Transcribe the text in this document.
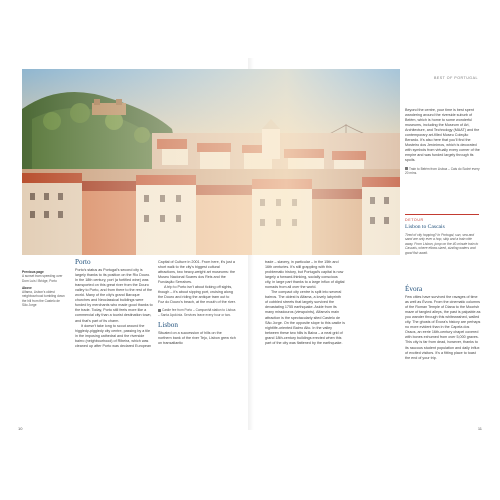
BEST OF PORTUGAL
Previous page
A sunset tram speeding over Dom Luís I Bridge, Porto
Above
Alfama, Lisbon's oldest neighbourhood tumbling down the hill from the Castelo de São Jorge
Porto

Porto's status as Portugal's second city is largely thanks to its position on the Rio Douro. In the 18th century, port (a fortified wine) was transported on this great river from the Douro valley to Porto, and from there to the rest of the world. Many of the city's grand Baroque churches and Neoclassical buildings were funded by merchants who made good thanks to the trade. Today, Porto still feels more like a commercial city than a tourist destination town, and that's part of its charm.

It doesn't take long to scout around the higgledy-piggledy city centre, passing by a tile in the imposing cathedral and the riverside bairro (neighbourhood) of Ribeira, which was cleaned up after Porto was declared European

Capital of Culture in 2001. From here, it's just a short walk to the city's biggest cultural attractions, two heavy-weight art museums: the Museu Nacional Soares dos Reis and the Fundação Serralves.

A trip to Porto isn't about ticking off sights, though – it's about sipping port, cruising along the Douro and riding the antique tram out to Foz do Douro's beach, at the mouth of the river.

Castle fee from Porto – Campanhã station to Lisboa – Santa Apolónia. Services leave every hour or two.
Lisbon

Situated on a succession of hills on the northern bank of the river Tejo, Lisbon grew rich on transatlantic

trade – slavery, in particular – in the 15th and 16th centuries. It's still grappling with this problematic history, but Portugal's capital is now largely a forward-thinking, socially conscious city, in large part thanks to a large influx of digital nomads from all over the world.

The compact city centre is split into several bairros. The oldest is Alfama, a lovely labyrinth of cobbled streets that largely survived the devastating 1755 earthquake. Aside from its many miradouros (viewpoints), Alfama's main attraction is the spectacularly sited Castelo de São Jorge. On the opposite slope to this castle is nightlife-oriented Bairro Alto. In the valley between these two hills is Baixa – a neat grid of grand 18th-century buildings erected when this part of the city was flattened by the earthquake.

Beyond the centre, your time is best spent wandering around the riverside suburb of Belém, which is home to some wonderful museums, including the Museum of Art, Architecture, and Technology (MAAT) and the contemporary art-filled Museu Coleção Berardo. It's also here that you'll find the Mosteiro dos Jerónimos, which is decorated with symbols from virtually every corner of the empire and was funded largely through its spoils.

Train to Belém from Lisboa – Cais do Sodré every 20 mins.
DETOUR
Lisbon to Cascais
Tired of city hopping? In Portugal, sun, sea and sand are only ever a hop, skip and a train ride away. From Lisbon, jump on the 40-minute train to Cascais, where elbow-sized, sizzling waters and good fish await.
Évora

Few cities have survived the ravages of time as well as Évora. From the cinematic columns of the Roman Temple of Diana to the Moorish maze of tangled alleys, the past is palpable as you wander through this whitewashed, walled city. The ghosts of Évora's history are perhaps no more evident than in the Capela dos Ossos, an eerie 16th-century chapel covered with bones exhumed from over 5,000 graves. This city is far from dead, however, thanks to its raucous student population and daily influx of excited visitors. It's a fitting place to toast the end of your trip.

10	11
